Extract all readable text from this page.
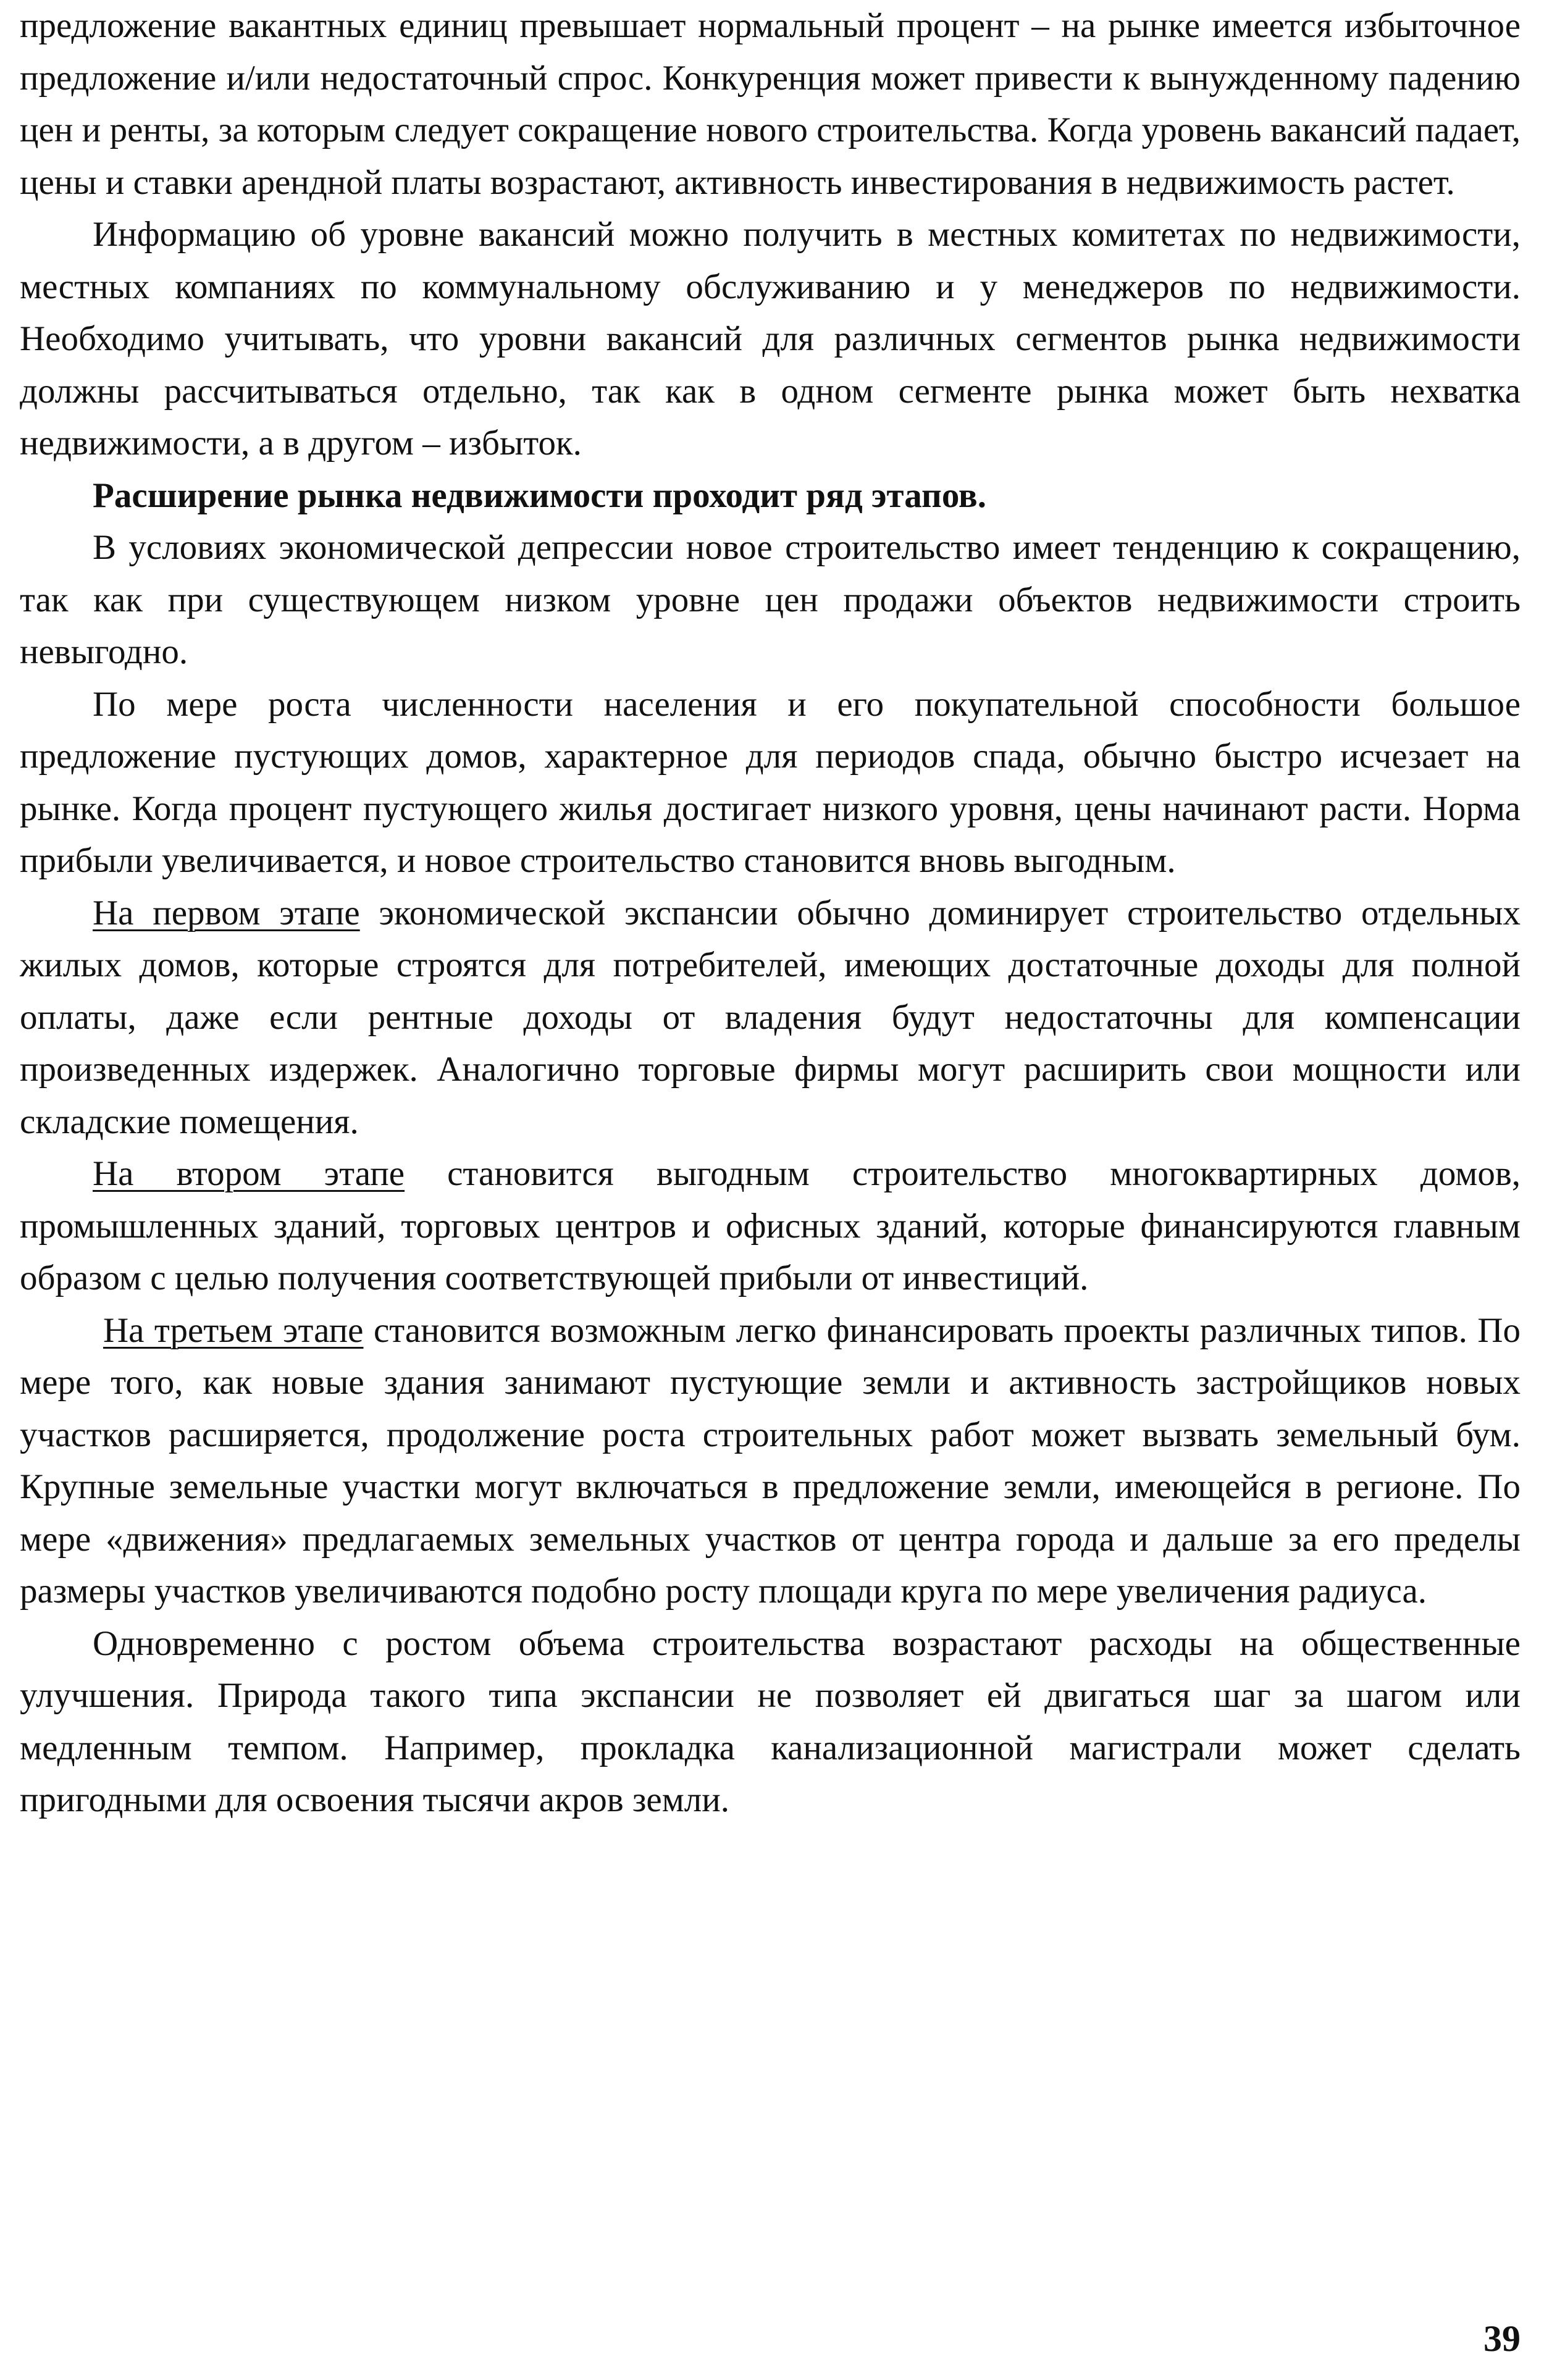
предложение вакантных единиц превышает нормальный процент – на рынке имеется избыточное предложение и/или недостаточный спрос. Конкуренция может привести к вынужденному падению цен и ренты, за которым следует сокращение нового строительства. Когда уровень вакансий падает, цены и ставки арендной платы возрастают, активность инвестирования в недвижимость растет.

Информацию об уровне вакансий можно получить в местных комитетах по недвижимости, местных компаниях по коммунальному обслуживанию и у менеджеров по недвижимости. Необходимо учитывать, что уровни вакансий для различных сегментов рынка недвижимости должны рассчитываться отдельно, так как в одном сегменте рынка может быть нехватка недвижимости, а в другом – избыток.

Расширение рынка недвижимости проходит ряд этапов.

В условиях экономической депрессии новое строительство имеет тенденцию к сокращению, так как при существующем низком уровне цен продажи объектов недвижимости строить невыгодно.

По мере роста численности населения и его покупательной способности большое предложение пустующих домов, характерное для периодов спада, обычно быстро исчезает на рынке. Когда процент пустующего жилья достигает низкого уровня, цены начинают расти. Норма прибыли увеличивается, и новое строительство становится вновь выгодным.

На первом этапе экономической экспансии обычно доминирует строительство отдельных жилых домов, которые строятся для потребителей, имеющих достаточные доходы для полной оплаты, даже если рентные доходы от владения будут недостаточны для компенсации произведенных издержек. Аналогично торговые фирмы могут расширить свои мощности или складские помещения.

На втором этапе становится выгодным строительство многоквартирных домов, промышленных зданий, торговых центров и офисных зданий, которые финансируются главным образом с целью получения соответствующей прибыли от инвестиций.

На третьем этапе становится возможным легко финансировать проекты различных типов. По мере того, как новые здания занимают пустующие земли и активность застройщиков новых участков расширяется, продолжение роста строительных работ может вызвать земельный бум. Крупные земельные участки могут включаться в предложение земли, имеющейся в регионе. По мере «движения» предлагаемых земельных участков от центра города и дальше за его пределы размеры участков увеличиваются подобно росту площади круга по мере увеличения радиуса.

Одновременно с ростом объема строительства возрастают расходы на общественные улучшения. Природа такого типа экспансии не позволяет ей двигаться шаг за шагом или медленным темпом. Например, прокладка канализационной магистрали может сделать пригодными для освоения тысячи акров земли.

39
